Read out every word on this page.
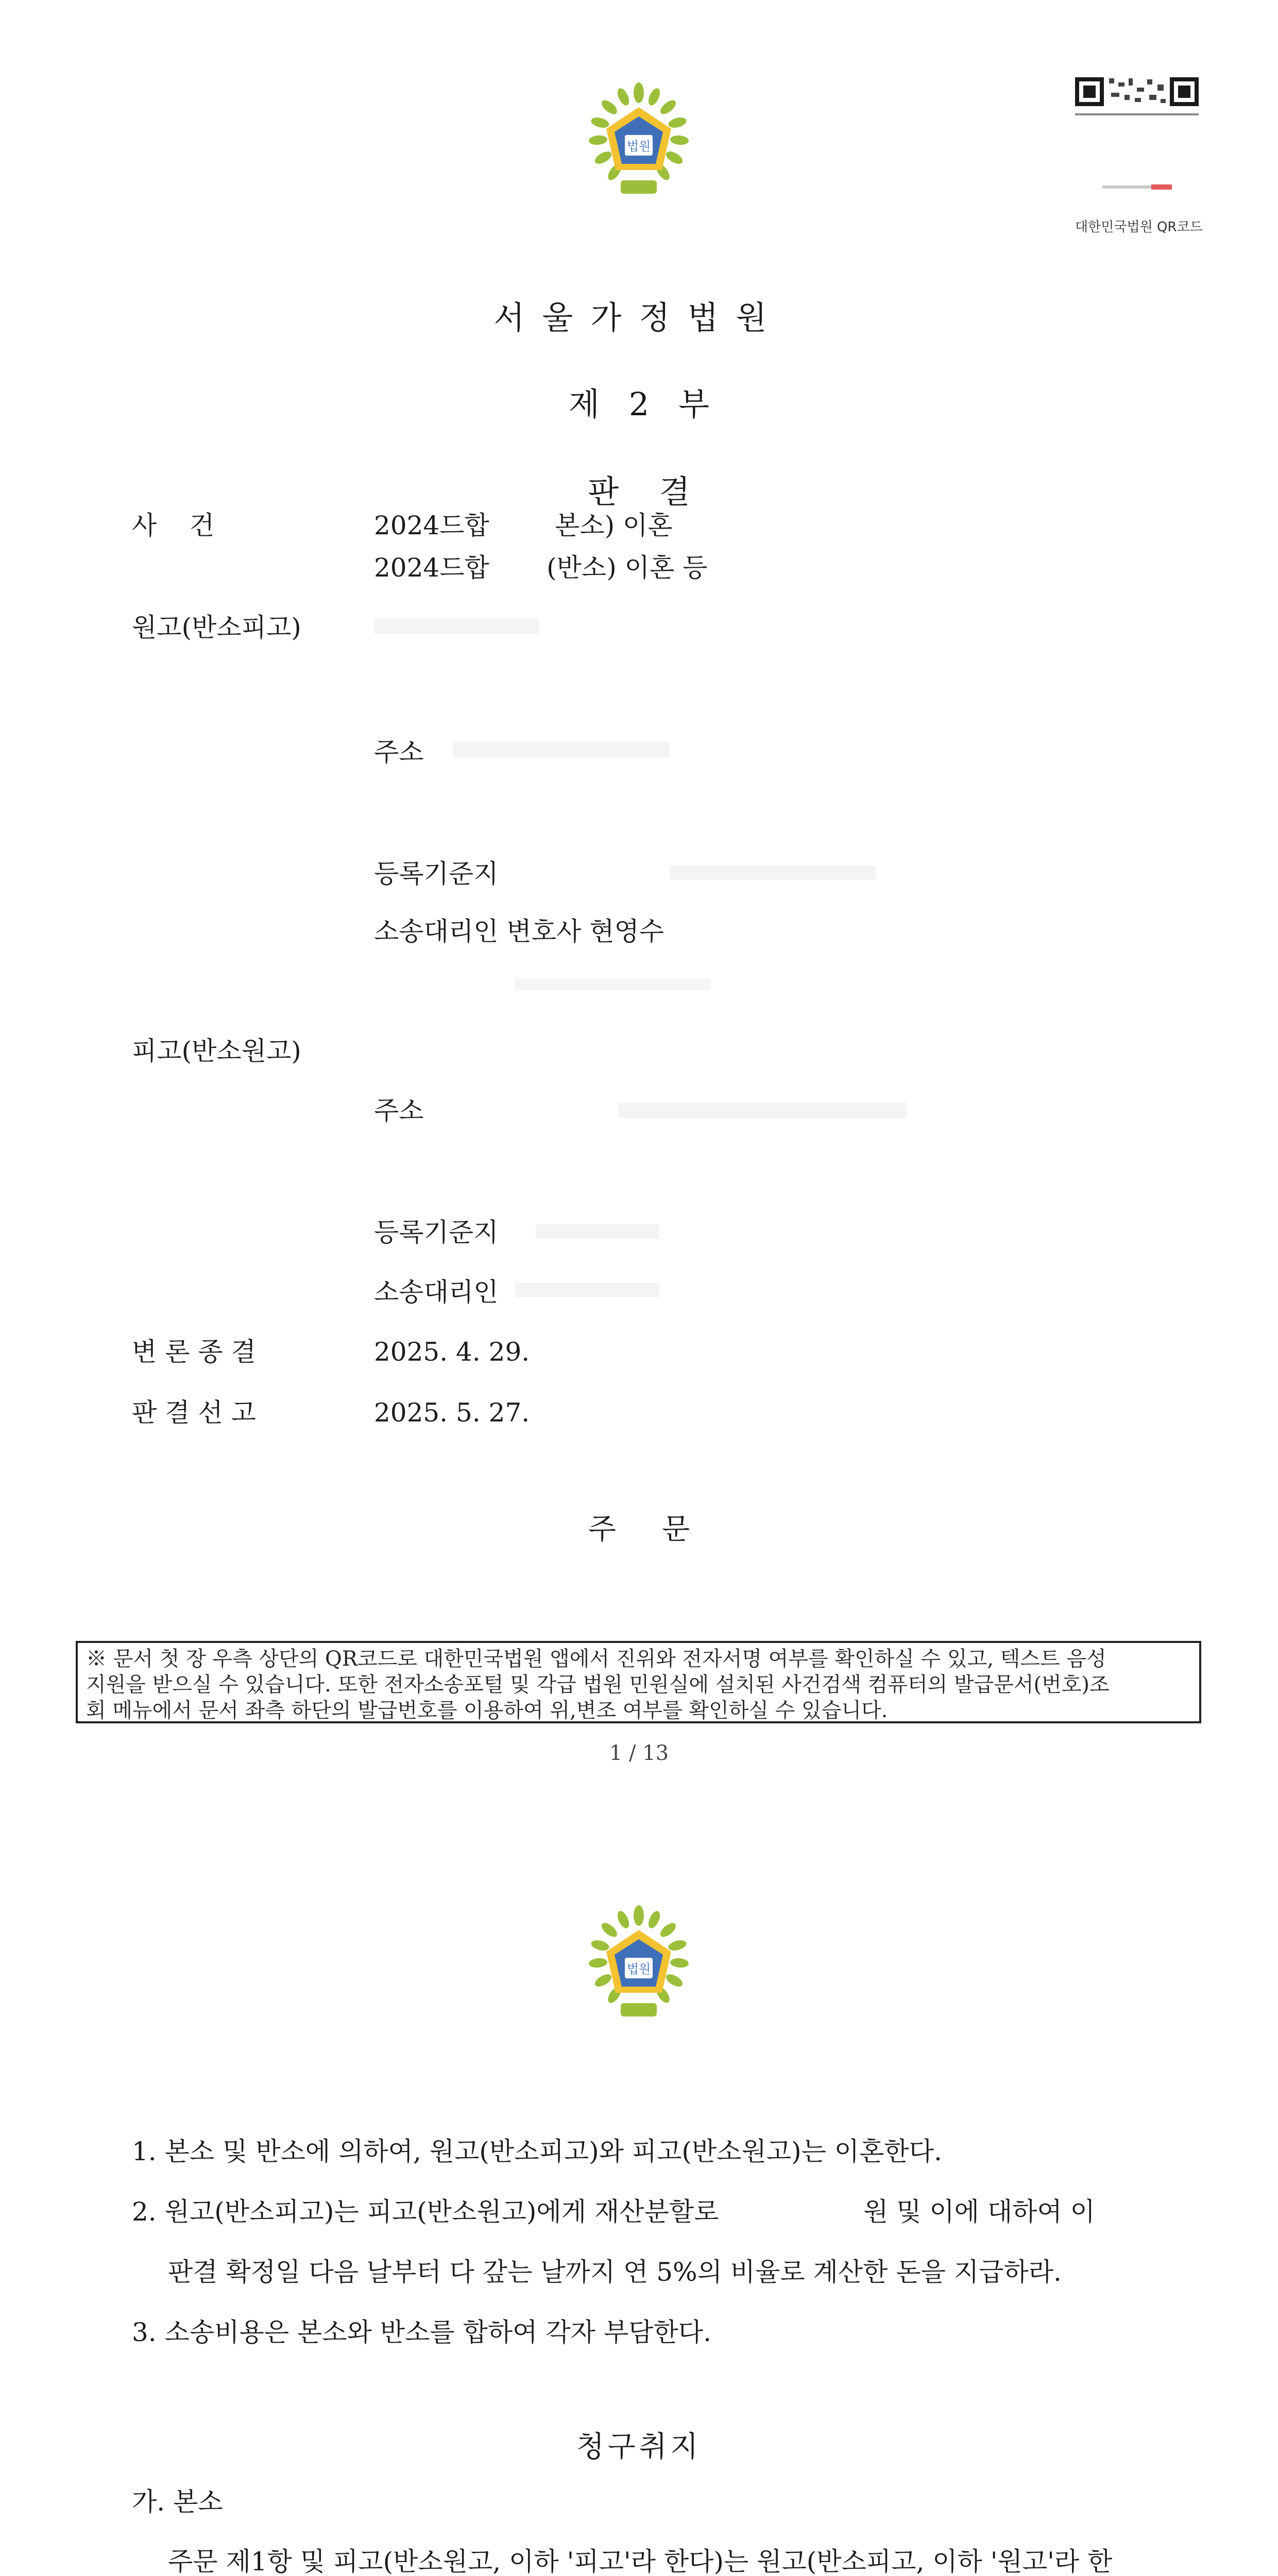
법원
대한민국법원 QR코드
서울가정법원
제 2 부
판    결
사    건	2024드합        본소) 이혼
2024드합       (반소) 이혼 등
원고(반소피고)
주소
등록기준지
소송대리인 변호사 현영수
피고(반소원고)
주소
등록기준지
소송대리인
변 론 종 결	2025. 4. 29.
판 결 선 고	2025. 5. 27.
주     문
※ 문서 첫 장 우측 상단의 QR코드로 대한민국법원 앱에서 진위와 전자서명 여부를 확인하실 수 있고, 텍스트 음성
지원을 받으실 수 있습니다. 또한 전자소송포털 및 각급 법원 민원실에 설치된 사건검색 컴퓨터의 발급문서(번호)조
회 메뉴에서 문서 좌측 하단의 발급번호를 이용하여 위,변조 여부를 확인하실 수 있습니다.
1 / 13
법원
1. 본소 및 반소에 의하여, 원고(반소피고)와 피고(반소원고)는 이혼한다.
2. 원고(반소피고)는 피고(반소원고)에게 재산분할로	원 및 이에 대하여 이
판결 확정일 다음 날부터 다 갚는 날까지 연 5%의 비율로 계산한 돈을 지급하라.
3. 소송비용은 본소와 반소를 합하여 각자 부담한다.
청구취지
가. 본소
주문 제1항 및 피고(반소원고, 이하 '피고'라 한다)는 원고(반소피고, 이하 '원고'라 한
